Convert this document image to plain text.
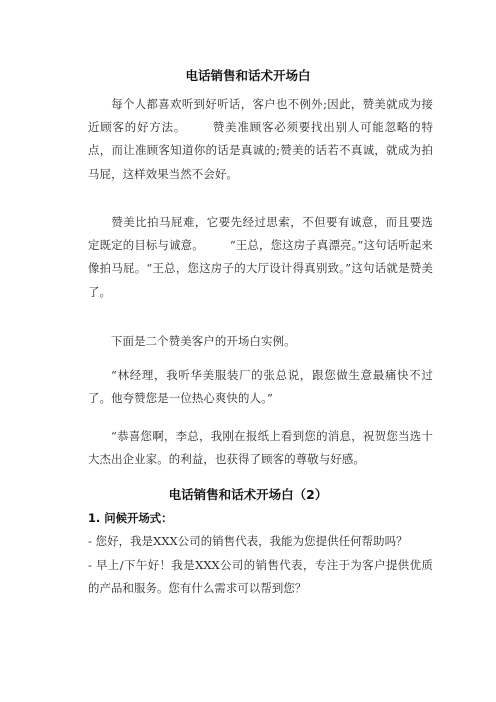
电话销售和话术开场白
每个人都喜欢听到好听话，客户也不例外;因此，赞美就成为接近顾客的好方法。 赞美准顾客必须要找出别人可能忽略的特点，而让准顾客知道你的话是真诚的;赞美的话若不真诚，就成为拍马屁，这样效果当然不会好。
赞美比拍马屁难，它要先经过思索，不但要有诚意，而且要选定既定的目标与诚意。 “王总，您这房子真漂亮。”这句话听起来像拍马屁。“王总，您这房子的大厅设计得真别致。”这句话就是赞美了。
下面是二个赞美客户的开场白实例。
“林经理，我听华美服装厂的张总说，跟您做生意最痛快不过了。他夸赞您是一位热心爽快的人。”
“恭喜您啊，李总，我刚在报纸上看到您的消息，祝贺您当选十大杰出企业家。的利益，也获得了顾客的尊敬与好感。
电话销售和话术开场白（2）
1. 问候开场式：
- 您好，我是XXX公司的销售代表，我能为您提供任何帮助吗？
- 早上/下午好！我是XXX公司的销售代表，专注于为客户提供优质的产品和服务。您有什么需求可以帮到您？
